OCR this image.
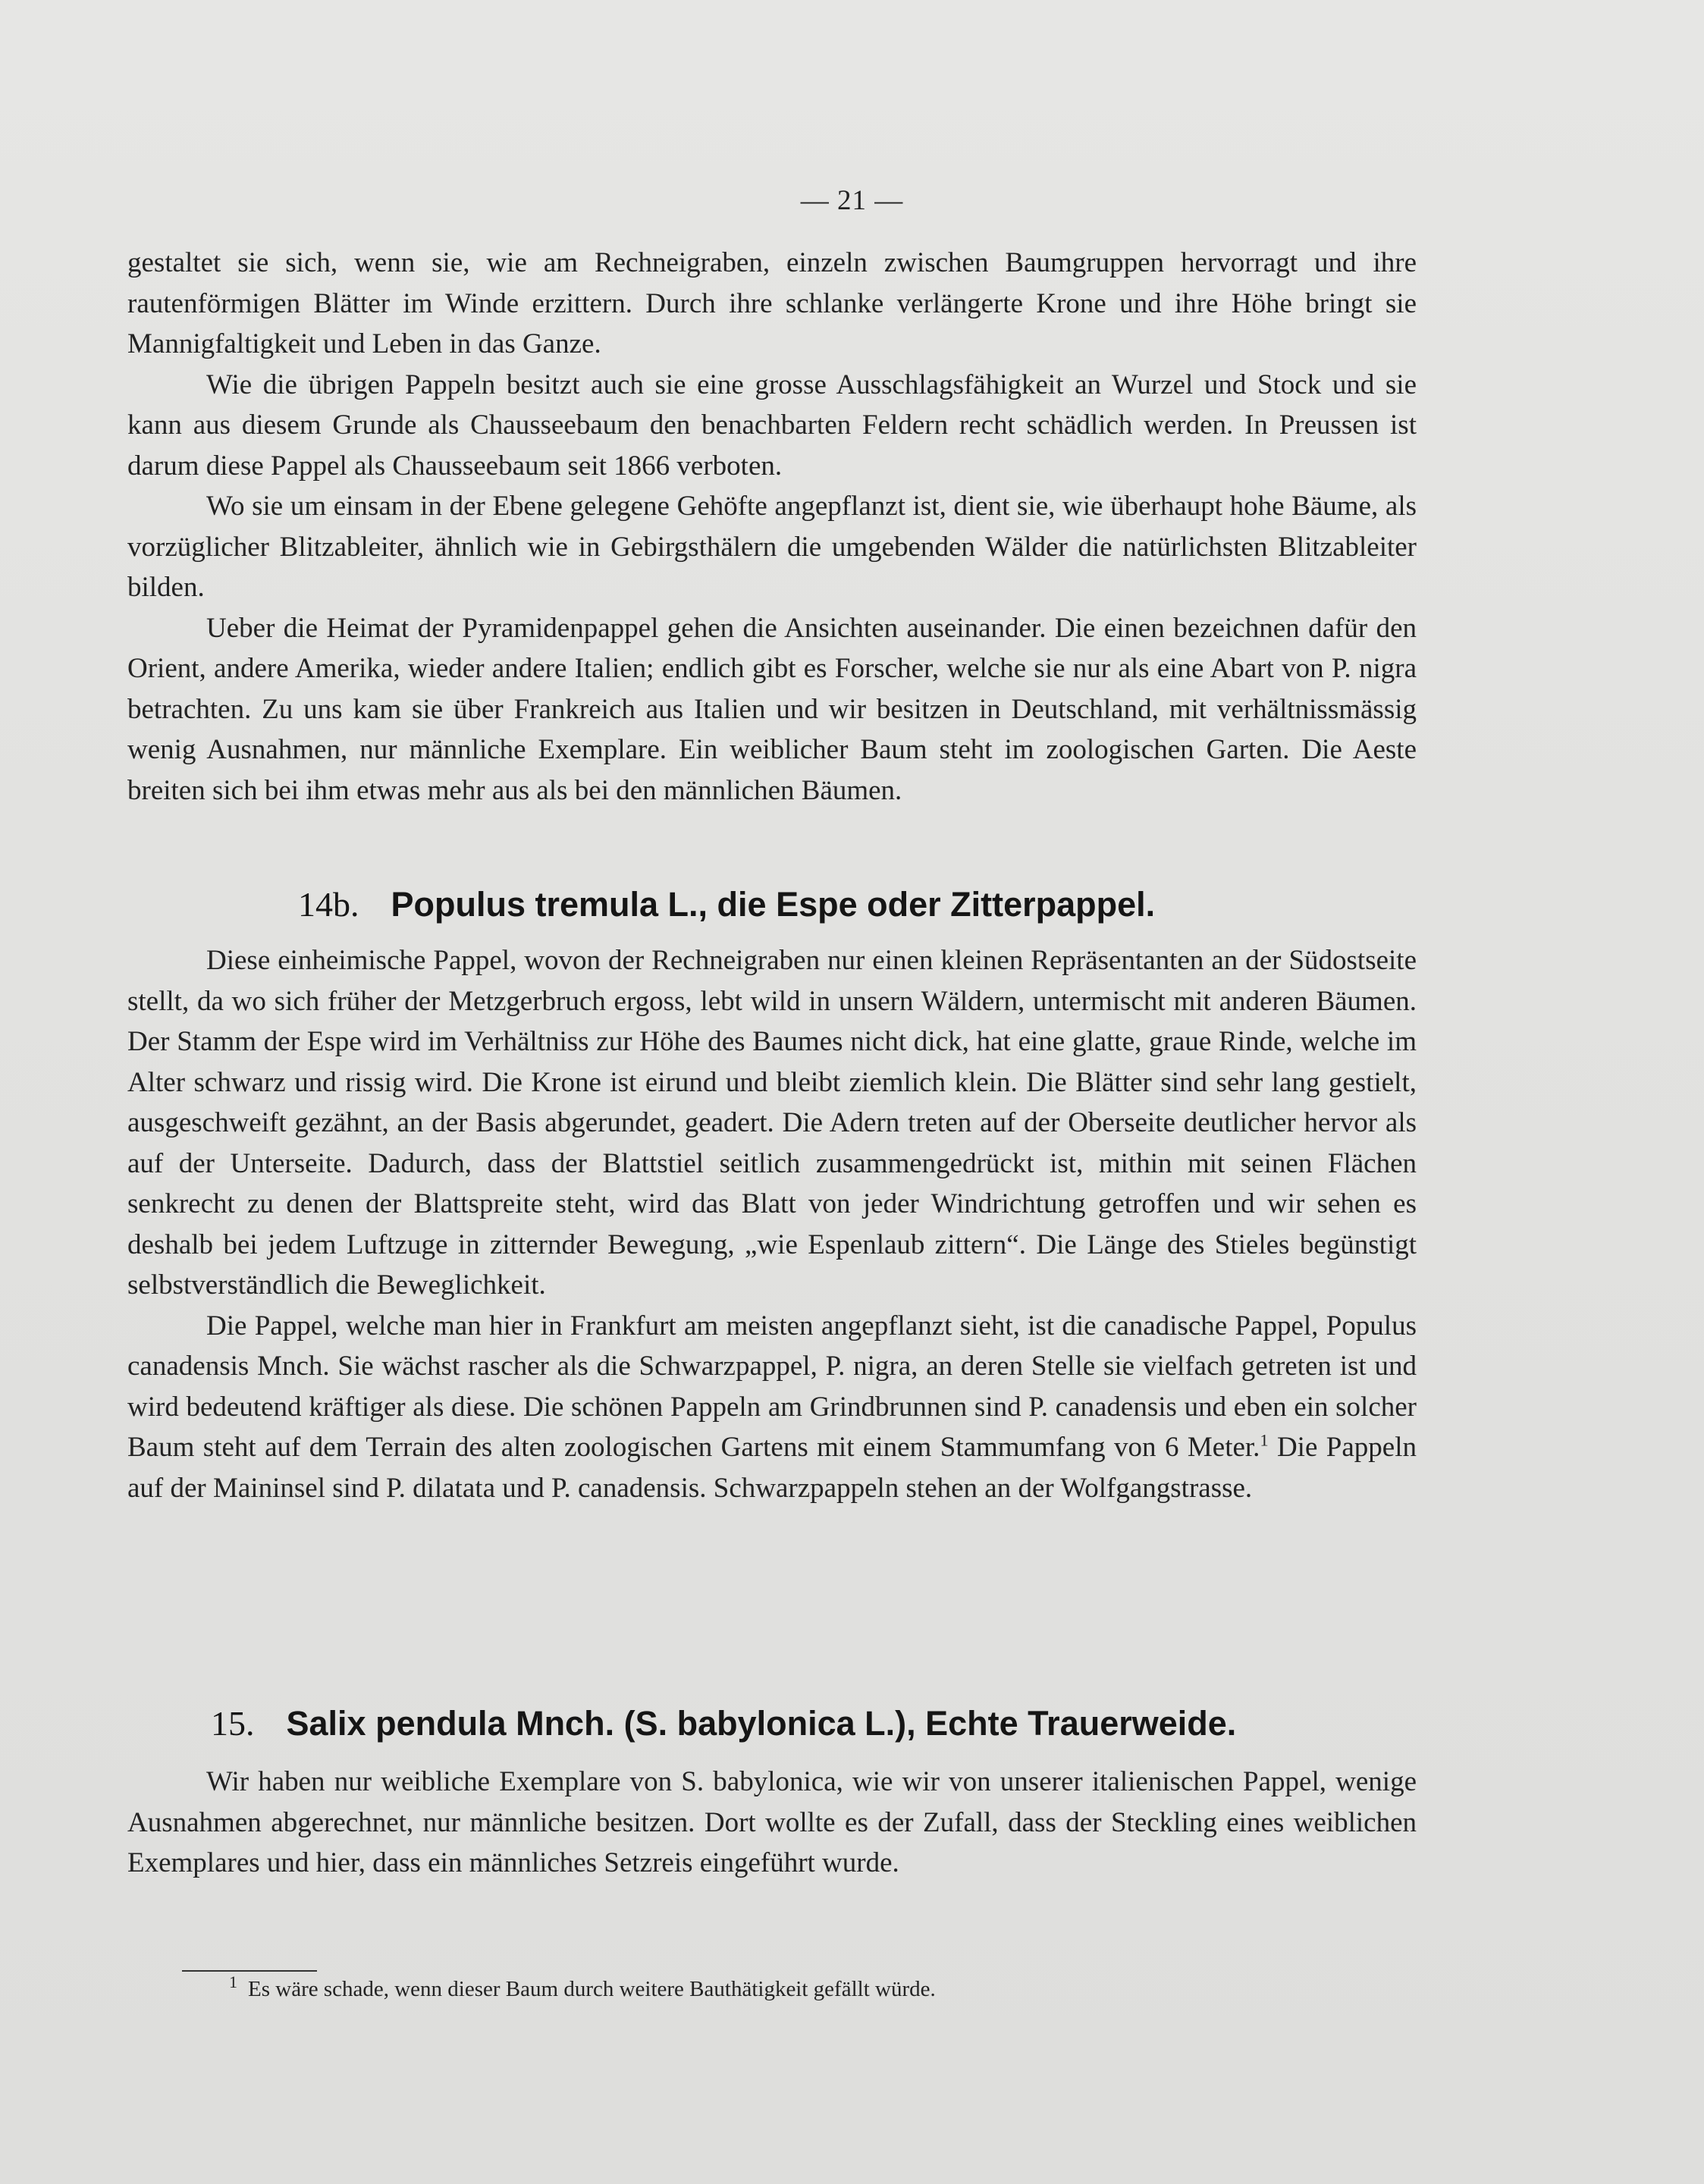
— 21 —

gestaltet sie sich, wenn sie, wie am Rechneigraben, einzeln zwischen Baumgruppen hervorragt und ihre rautenförmigen Blätter im Winde erzittern. Durch ihre schlanke verlängerte Krone und ihre Höhe bringt sie Mannigfaltigkeit und Leben in das Ganze.

Wie die übrigen Pappeln besitzt auch sie eine grosse Ausschlagsfähigkeit an Wurzel und Stock und sie kann aus diesem Grunde als Chausseebaum den benachbarten Feldern recht schädlich werden. In Preussen ist darum diese Pappel als Chausseebaum seit 1866 verboten.

Wo sie um einsam in der Ebene gelegene Gehöfte angepflanzt ist, dient sie, wie überhaupt hohe Bäume, als vorzüglicher Blitzableiter, ähnlich wie in Gebirgsthälern die umgebenden Wälder die natürlichsten Blitzableiter bilden.

Ueber die Heimat der Pyramidenpappel gehen die Ansichten auseinander. Die einen bezeichnen dafür den Orient, andere Amerika, wieder andere Italien; endlich gibt es Forscher, welche sie nur als eine Abart von P. nigra betrachten. Zu uns kam sie über Frankreich aus Italien und wir besitzen in Deutschland, mit verhältnissmässig wenig Ausnahmen, nur männliche Exemplare. Ein weiblicher Baum steht im zoologischen Garten. Die Aeste breiten sich bei ihm etwas mehr aus als bei den männlichen Bäumen.

14b. Populus tremula L., die Espe oder Zitterpappel.

Diese einheimische Pappel, wovon der Rechneigraben nur einen kleinen Repräsentanten an der Südostseite stellt, da wo sich früher der Metzgerbruch ergoss, lebt wild in unsern Wäldern, untermischt mit anderen Bäumen. Der Stamm der Espe wird im Verhältniss zur Höhe des Baumes nicht dick, hat eine glatte, graue Rinde, welche im Alter schwarz und rissig wird. Die Krone ist eirund und bleibt ziemlich klein. Die Blätter sind sehr lang gestielt, ausgeschweift gezähnt, an der Basis abgerundet, geadert. Die Adern treten auf der Oberseite deutlicher hervor als auf der Unterseite. Dadurch, dass der Blattstiel seitlich zusammengedrückt ist, mithin mit seinen Flächen senkrecht zu denen der Blattspreite steht, wird das Blatt von jeder Windrichtung getroffen und wir sehen es deshalb bei jedem Luftzuge in zitternder Bewegung, „wie Espenlaub zittern“. Die Länge des Stieles begünstigt selbstverständlich die Beweglichkeit.

Die Pappel, welche man hier in Frankfurt am meisten angepflanzt sieht, ist die canadische Pappel, Populus canadensis Mnch. Sie wächst rascher als die Schwarzpappel, P. nigra, an deren Stelle sie vielfach getreten ist und wird bedeutend kräftiger als diese. Die schönen Pappeln am Grindbrunnen sind P. canadensis und eben ein solcher Baum steht auf dem Terrain des alten zoologischen Gartens mit einem Stammumfang von 6 Meter.$^1$ Die Pappeln auf der Maininsel sind P. dilatata und P. canadensis. Schwarzpappeln stehen an der Wolfgangstrasse.

15. Salix pendula Mnch. (S. babylonica L.), Echte Trauerweide.

Wir haben nur weibliche Exemplare von S. babylonica, wie wir von unserer italienischen Pappel, wenige Ausnahmen abgerechnet, nur männliche besitzen. Dort wollte es der Zufall, dass der Steckling eines weiblichen Exemplares und hier, dass ein männliches Setzreis eingeführt wurde.

$^1$ Es wäre schade, wenn dieser Baum durch weitere Bauthätigkeit gefällt würde.
